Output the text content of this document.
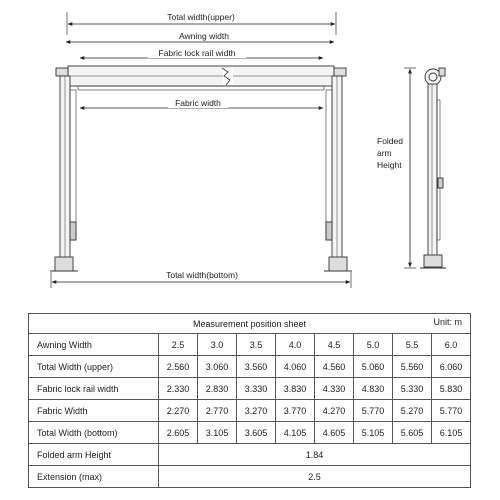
Total width(upper)
Awning width
Fabric lock rail width
Fabric width
Total width(bottom)
Folded
arm
Height
Measurement position sheet Unit: m								

Awning Width	2.5	3.0	3.5	4.0	4.5	5.0	5.5	6.0
Total Width (upper)	2.560	3.060	3.560	4.060	4.560	5.060	5.560	6.060
Fabric lock rail width	2.330	2.830	3.330	3.830	4.330	4.830	5.330	5.830
Fabric Width	2.270	2.770	3.270	3.770	4.270	5.770	5.270	5.770
Total Width (bottom)	2.605	3.105	3.605	4.105	4.605	5.105	5.605	6.105
Folded arm Height	1.84							
Extension (max)	2.5							
